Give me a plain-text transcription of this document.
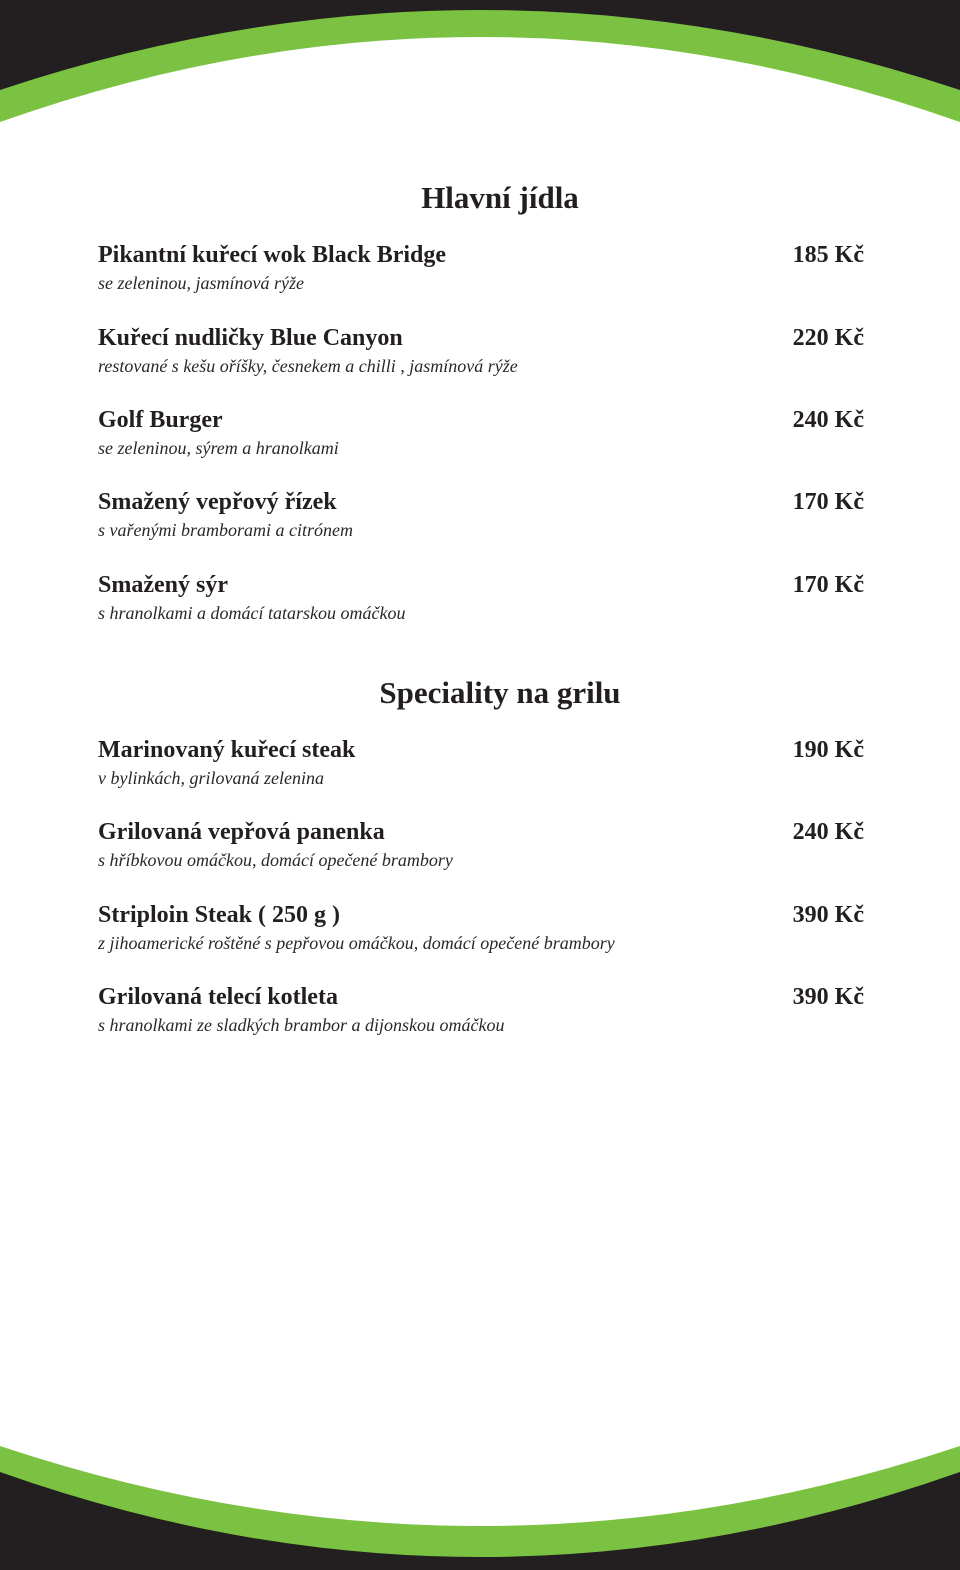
Hlavní jídla
Pikantní kuřecí wok Black Bridge
se zeleninou, jasmínová rýže
185 Kč
Kuřecí nudličky Blue Canyon
restované s kešu oříšky, česnekem a chilli , jasmínová rýže
220 Kč
Golf Burger
se zeleninou, sýrem a hranolkami
240 Kč
Smažený vepřový řízek
s vařenými bramborami a citrónem
170 Kč
Smažený sýr
s hranolkami a domácí tatarskou omáčkou
170 Kč
Speciality na grilu
Marinovaný kuřecí steak
v bylinkách, grilovaná zelenina
190 Kč
Grilovaná vepřová panenka
s hříbkovou omáčkou, domácí opečené brambory
240 Kč
Striploin Steak ( 250 g )
z jihoamerické roštěné s pepřovou omáčkou, domácí opečené brambory
390 Kč
Grilovaná telecí kotleta
s hranolkami ze sladkých brambor a dijonskou omáčkou
390 Kč
